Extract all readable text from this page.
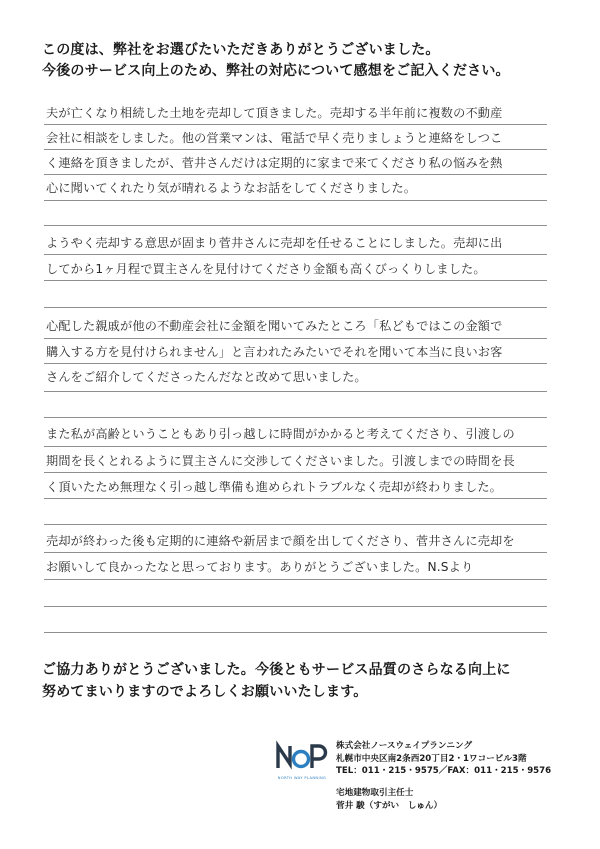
この度は、弊社をお選びたいただきありがとうございました。
今後のサービス向上のため、弊社の対応について感想をご記入ください。
夫が亡くなり相続した土地を売却して頂きました。売却する半年前に複数の不動産
会社に相談をしました。他の営業マンは、電話で早く売りましょうと連絡をしつこ
く連絡を頂きましたが、菅井さんだけは定期的に家まで来てくださり私の悩みを熱
心に聞いてくれたり気が晴れるようなお話をしてくださりました。
ようやく売却する意思が固まり菅井さんに売却を任せることにしました。売却に出
してから1ヶ月程で買主さんを見付けてくださり金額も高くびっくりしました。
心配した親戚が他の不動産会社に金額を聞いてみたところ「私どもではこの金額で
購入する方を見付けられません」と言われたみたいでそれを聞いて本当に良いお客
さんをご紹介してくださったんだなと改めて思いました。
また私が高齢ということもあり引っ越しに時間がかかると考えてくださり、引渡しの
期間を長くとれるように買主さんに交渉してくださいました。引渡しまでの時間を長
く頂いたため無理なく引っ越し準備も進められトラブルなく売却が終わりました。
売却が終わった後も定期的に連絡や新居まで顔を出してくださり、菅井さんに売却を
お願いして良かったなと思っております。ありがとうございました。N.Sより
ご協力ありがとうございました。今後ともサービス品質のさらなる向上に
努めてまいりますのでよろしくお願いいたします。
NORTH WAY PLANNING
株式会社ノースウェイプランニング
札幌市中央区南2条西20丁目2・1ワコービル3階
TEL：011・215・9575／FAX：011・215・9576
宅地建物取引主任士
菅井 駿（すがい　しゅん）
